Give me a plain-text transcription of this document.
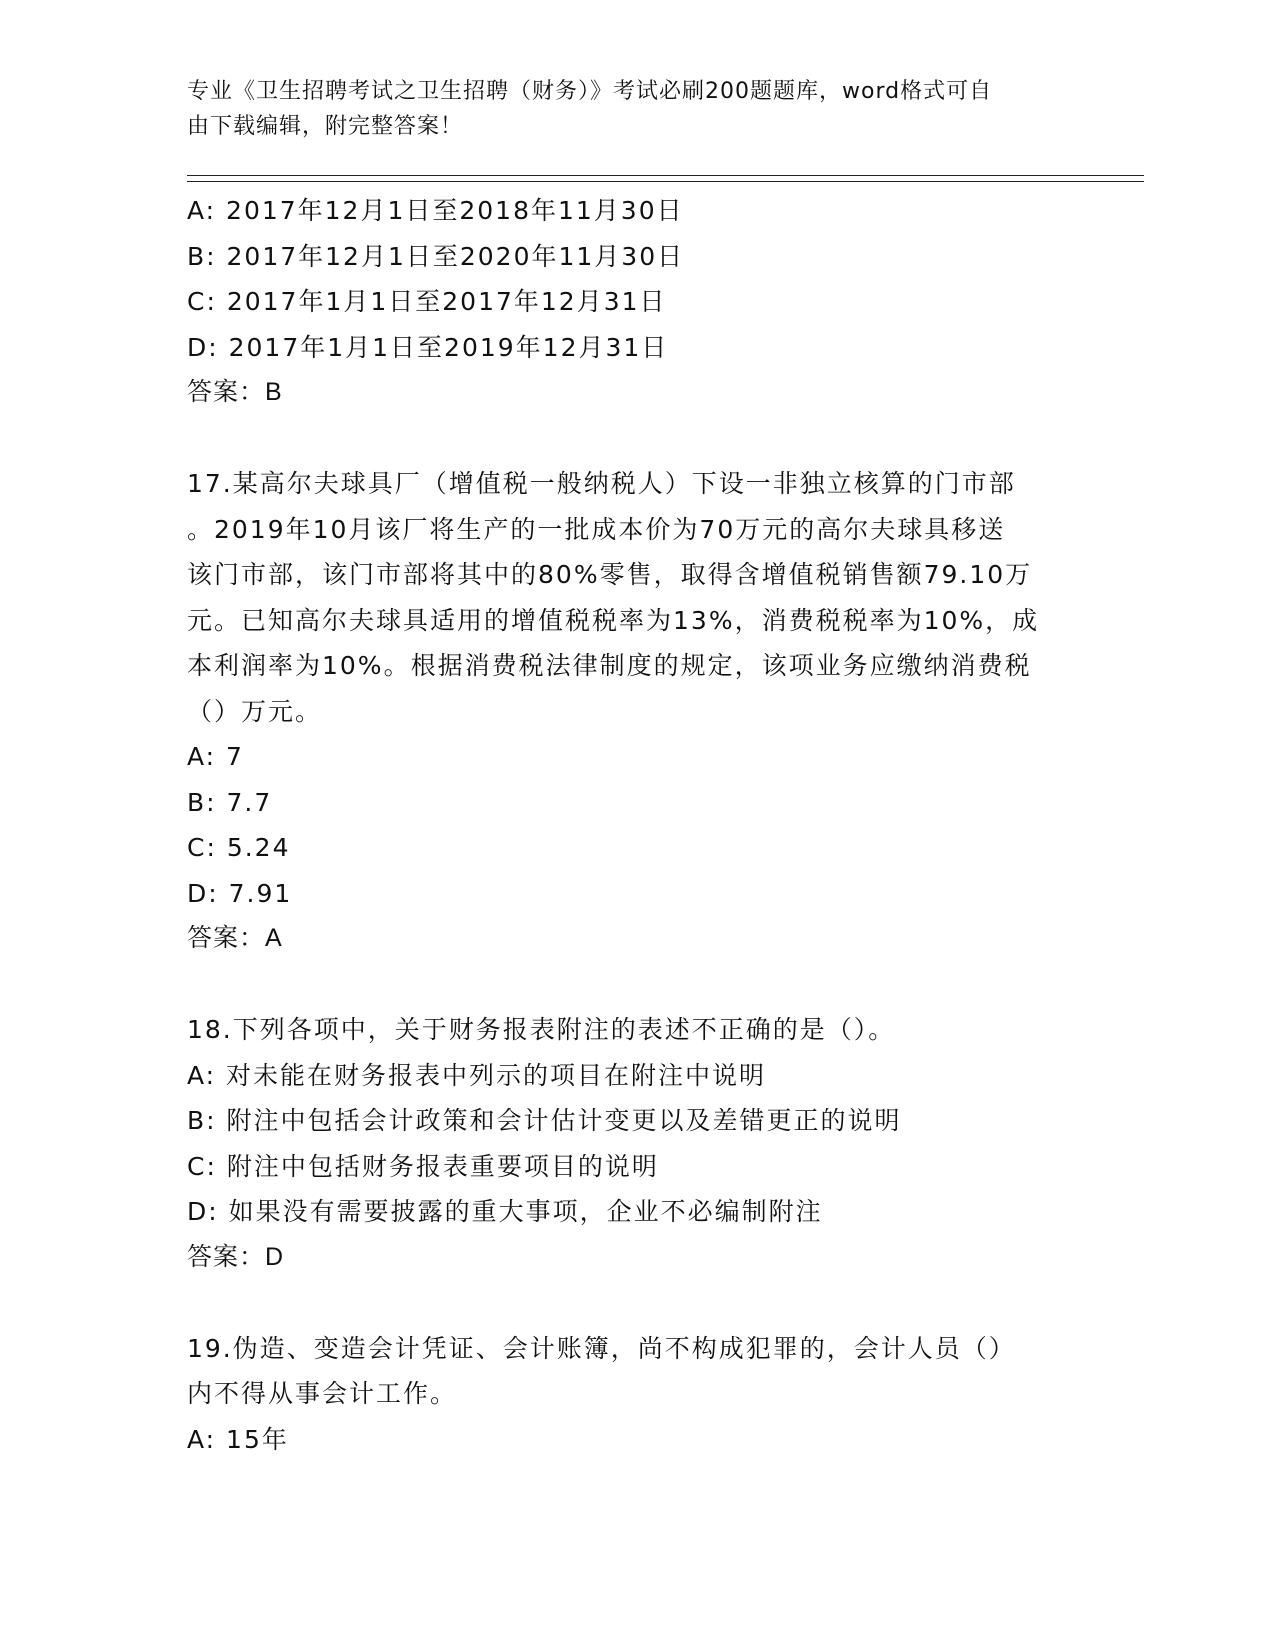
专业《卫生招聘考试之卫生招聘（财务）》考试必刷200题题库，word格式可自
由下载编辑，附完整答案！
A: 2017年12月1日至2018年11月30日
B: 2017年12月1日至2020年11月30日
C: 2017年1月1日至2017年12月31日
D: 2017年1月1日至2019年12月31日
答案：B
17.某高尔夫球具厂（增值税一般纳税人）下设一非独立核算的门市部
。2019年10月该厂将生产的一批成本价为70万元的高尔夫球具移送
该门市部，该门市部将其中的80%零售，取得含增值税销售额79.10万
元。已知高尔夫球具适用的增值税税率为13%，消费税税率为10%，成
本利润率为10%。根据消费税法律制度的规定，该项业务应缴纳消费税
（）万元。
A: 7
B: 7.7
C: 5.24
D: 7.91
答案：A
18.下列各项中，关于财务报表附注的表述不正确的是（）。
A: 对未能在财务报表中列示的项目在附注中说明
B: 附注中包括会计政策和会计估计变更以及差错更正的说明
C: 附注中包括财务报表重要项目的说明
D: 如果没有需要披露的重大事项，企业不必编制附注
答案：D
19.伪造、变造会计凭证、会计账簿，尚不构成犯罪的，会计人员（）
内不得从事会计工作。
A: 15年
